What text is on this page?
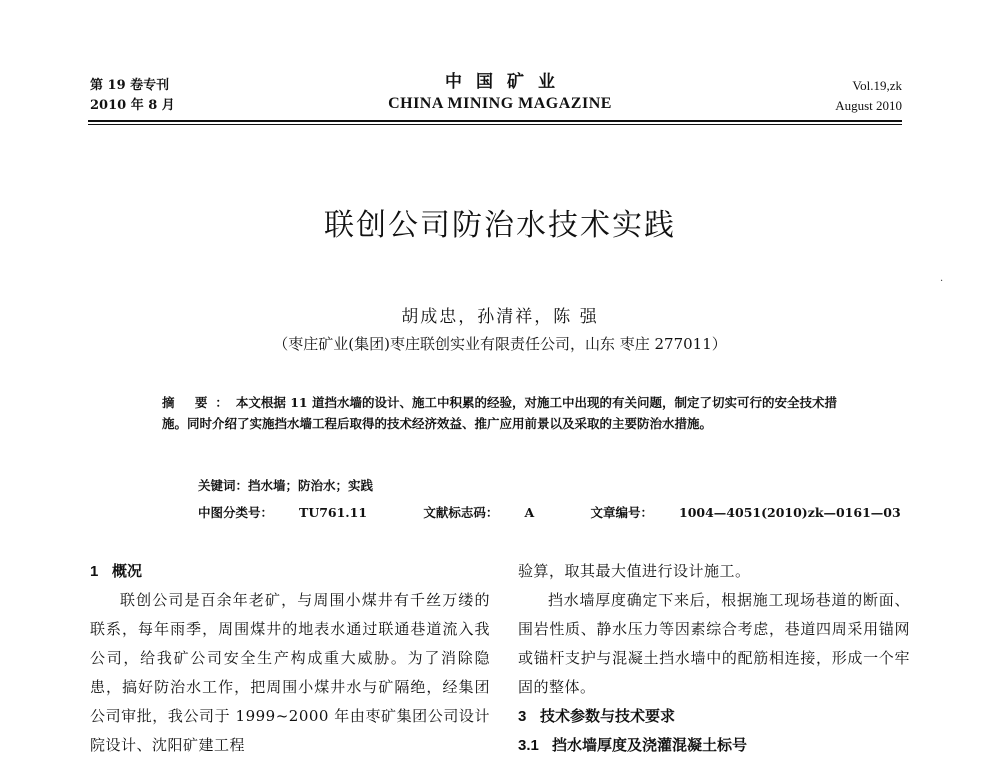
第 19 卷专刊
2010 年 8 月
中国矿业
CHINA MINING MAGAZINE
Vol.19,zk
August 2010
联创公司防治水技术实践
胡成忠，孙清祥，陈 强
（枣庄矿业(集团)枣庄联创实业有限责任公司，山东 枣庄 277011）
摘 要：本文根据 11 道挡水墙的设计、施工中积累的经验，对施工中出现的有关问题，制定了切实可行的安全技术措施。同时介绍了实施挡水墙工程后取得的技术经济效益、推广应用前景以及采取的主要防治水措施。
关键词：挡水墙；防治水；实践
中图分类号： TU761.11	文献标志码： A	文章编号： 1004—4051(2010)zk—0161—03
1 概况
联创公司是百余年老矿，与周围小煤井有千丝万缕的联系，每年雨季，周围煤井的地表水通过联通巷道流入我公司，给我矿公司安全生产构成重大威胁。为了消除隐患，搞好防治水工作，把周围小煤井水与矿隔绝，经集团公司审批，我公司于 1999~2000 年由枣矿集团公司设计院设计、沈阳矿建工程
验算，取其最大值进行设计施工。
挡水墙厚度确定下来后，根据施工现场巷道的断面、围岩性质、静水压力等因素综合考虑，巷道四周采用锚网或锚杆支护与混凝土挡水墙中的配筋相连接，形成一个牢固的整体。
3 技术参数与技术要求
3.1 挡水墙厚度及浇灌混凝土标号
·
